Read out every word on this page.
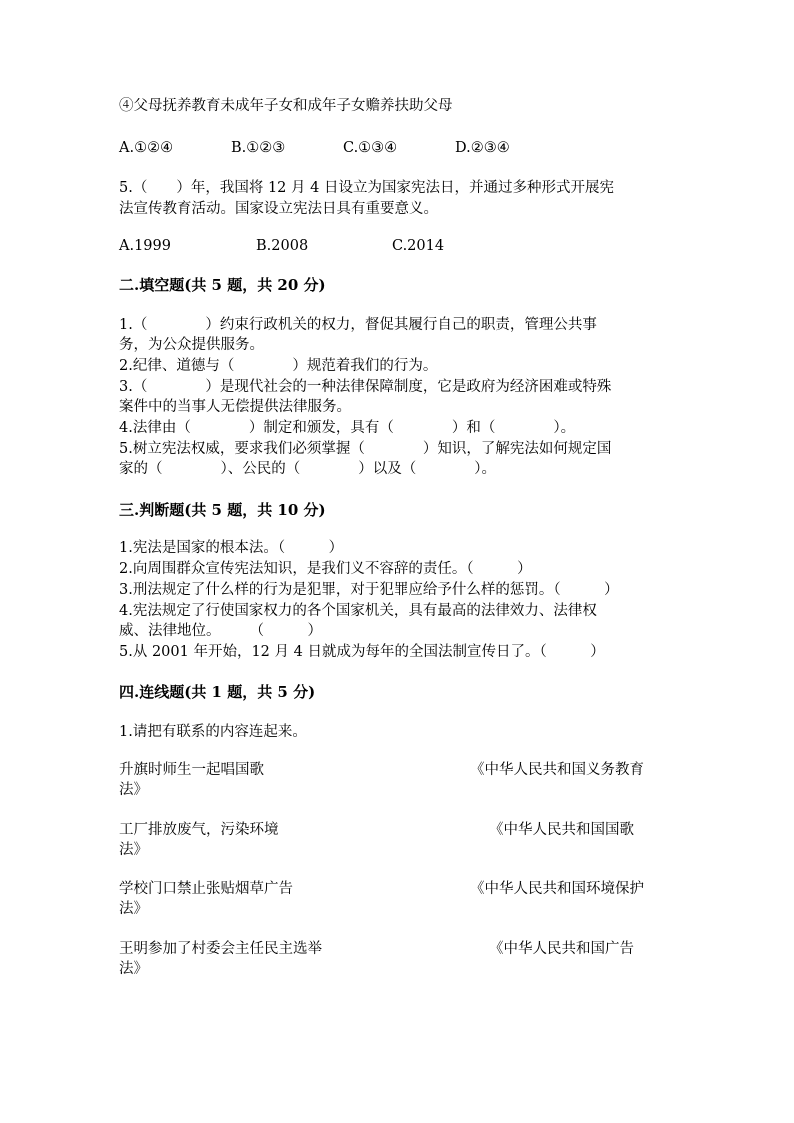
④父母抚养教育未成年子女和成年子女赡养扶助父母
A.①②④	B.①②③	C.①③④	D.②③④
5.（　　）年，我国将 12 月 4 日设立为国家宪法日，并通过多种形式开展宪
法宣传教育活动。国家设立宪法日具有重要意义。
A.1999	B.2008	C.2014
二.填空题(共 5 题，共 20 分)
1.（　　　　）约束行政机关的权力，督促其履行自己的职责，管理公共事
务，为公众提供服务。
2.纪律、道德与（　　　　）规范着我们的行为。
3.（　　　　）是现代社会的一种法律保障制度，它是政府为经济困难或特殊
案件中的当事人无偿提供法律服务。
4.法律由（　　　　）制定和颁发，具有（　　　　）和（　　　　）。
5.树立宪法权威，要求我们必须掌握（　　　　）知识，了解宪法如何规定国
家的（　　　　）、公民的（　　　　）以及（　　　　）。
三.判断题(共 5 题，共 10 分)
1.宪法是国家的根本法。（　　　）
2.向周围群众宣传宪法知识，是我们义不容辞的责任。（　　　）
3.刑法规定了什么样的行为是犯罪，对于犯罪应给予什么样的惩罚。（　　　）
4.宪法规定了行使国家权力的各个国家机关，具有最高的法律效力、法律权
威、法律地位。　　　（　　　）
5.从 2001 年开始，12 月 4 日就成为每年的全国法制宣传日了。（　　　）
四.连线题(共 1 题，共 5 分)
1.请把有联系的内容连起来。
升旗时师生一起唱国歌	《中华人民共和国义务教育
法》
工厂排放废气，污染环境	《中华人民共和国国歌
法》
学校门口禁止张贴烟草广告	《中华人民共和国环境保护
法》
王明参加了村委会主任民主选举	《中华人民共和国广告
法》
